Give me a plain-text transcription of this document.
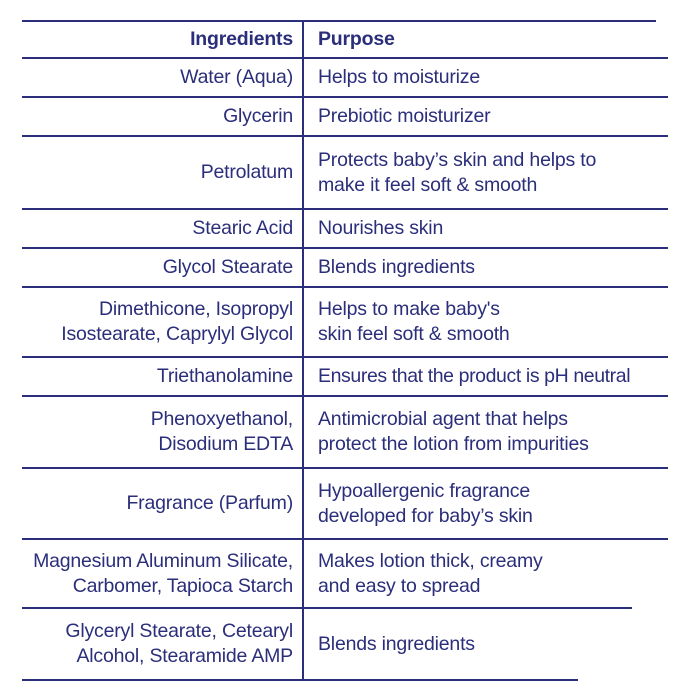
Ingredients Purpose
Water (Aqua) Helps to moisturize
Glycerin Prebiotic moisturizer
Petrolatum
Protects baby’s skin and helps to
make it feel soft & smooth
Stearic Acid Nourishes skin
Glycol Stearate Blends ingredients
Dimethicone, Isopropyl
Isostearate, Caprylyl Glycol
Helps to make baby's
skin feel soft & smooth
Triethanolamine Ensures that the product is pH neutral
Phenoxyethanol,
Disodium EDTA
Antimicrobial agent that helps
protect the lotion from impurities
Fragrance (Parfum)
Hypoallergenic fragrance
developed for baby’s skin
Magnesium Aluminum Silicate,
Carbomer, Tapioca Starch
Makes lotion thick, creamy
and easy to spread
Glyceryl Stearate, Cetearyl
Alcohol, Stearamide AMP
Blends ingredients
